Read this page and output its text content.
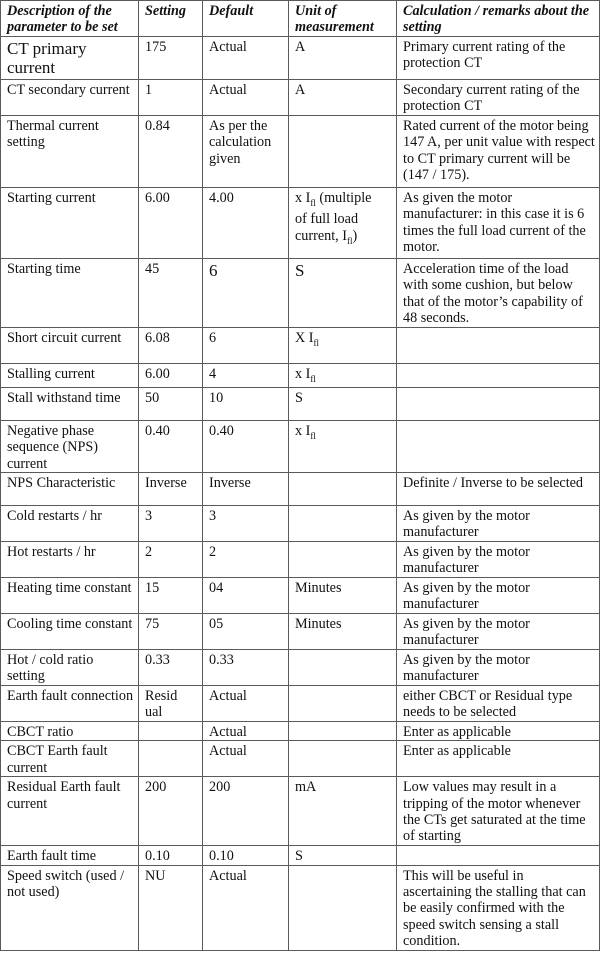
Description of the parameter to be set	Setting	Default	Unit of measurement	Calculation / remarks about the setting
CT primary current	175	Actual	A	Primary current rating of the protection CT
CT secondary current	1	Actual	A	Secondary current rating of the protection CT
Thermal current setting	0.84	As per the calculation given		Rated current of the motor being 147 A, per unit value with respect to CT primary current will be (147 / 175).
Starting current	6.00	4.00	x $I_{fl}$ (multiple
of full load
current, $I_{fl}$)	As given the motor manufacturer: in this case it is 6 times the full load current of the motor.
Starting time	45	6	S	Acceleration time of the load with some cushion, but below that of the motor’s capability of 48 seconds.
Short circuit current	6.08	6	X $I_{fl}$	
Stalling current	6.00	4	x $I_{fl}$	
Stall withstand time	50	10	S	
Negative phase sequence (NPS) current	0.40	0.40	x $I_{fl}$	
NPS Characteristic	Inverse	Inverse		Definite / Inverse to be selected
Cold restarts / hr	3	3		As given by the motor manufacturer
Hot restarts / hr	2	2		As given by the motor manufacturer
Heating time constant	15	04	Minutes	As given by the motor manufacturer
Cooling time constant	75	05	Minutes	As given by the motor manufacturer
Hot / cold ratio setting	0.33	0.33		As given by the motor manufacturer
Earth fault connection	Resid
ual	Actual		either CBCT or Residual type needs to be selected
CBCT ratio		Actual		Enter as applicable
CBCT Earth fault current		Actual		Enter as applicable
Residual Earth fault current	200	200	mA	Low values may result in a tripping of the motor whenever the CTs get saturated at the time of starting
Earth fault time	0.10	0.10	S	
Speed switch (used / not used)	NU	Actual		This will be useful in ascertaining the stalling that can be easily confirmed with the speed switch sensing a stall condition.
